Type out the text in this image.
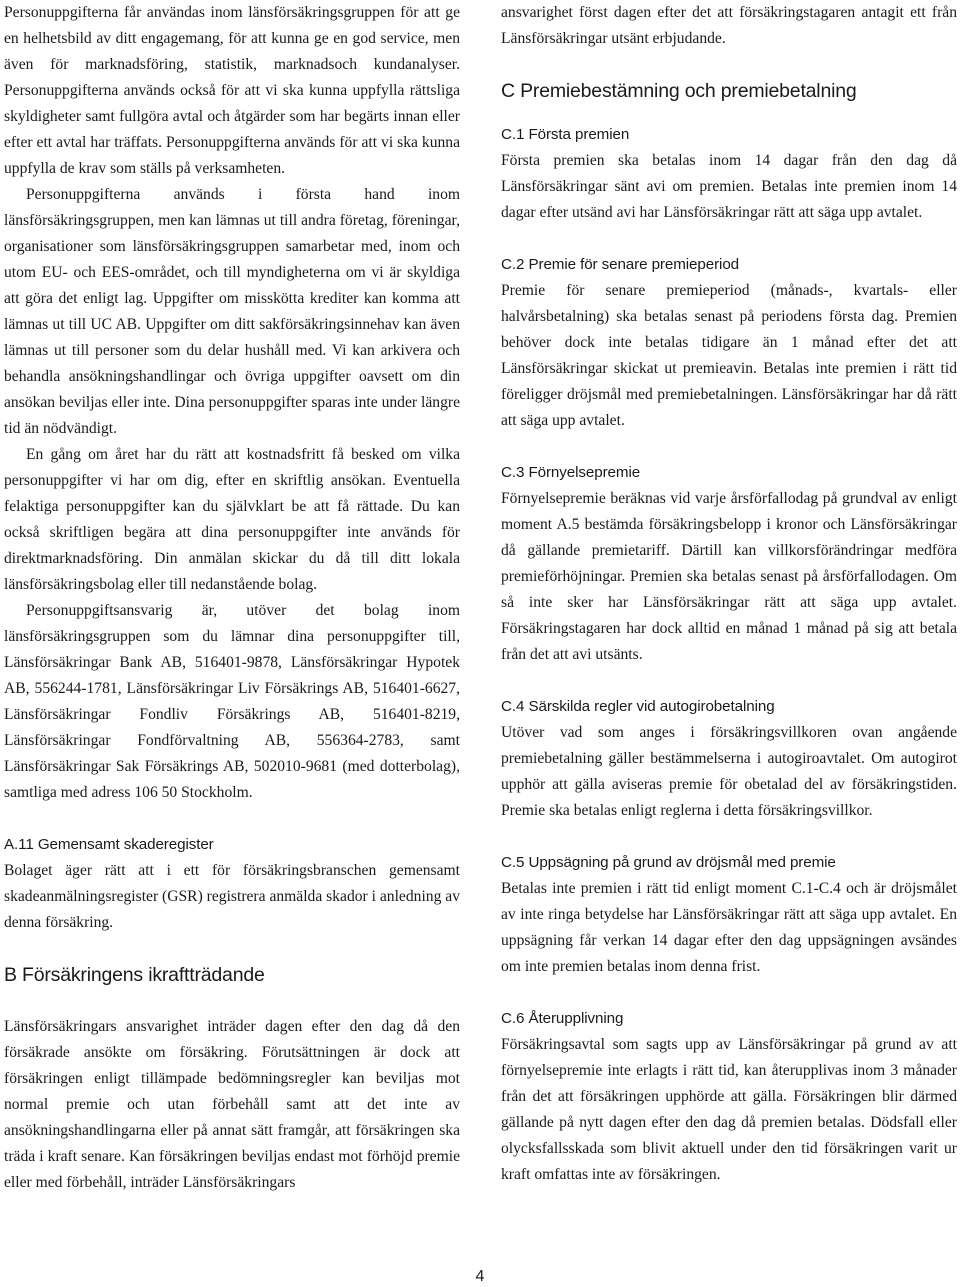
Personuppgifterna får användas inom länsförsäkringsgruppen för att ge en helhetsbild av ditt engagemang, för att kunna ge en god service, men även för marknadsföring, statistik, marknadsoch kundanalyser. Personuppgifterna används också för att vi ska kunna uppfylla rättsliga skyldigheter samt fullgöra avtal och åtgärder som har begärts innan eller efter ett avtal har träffats. Personuppgifterna används för att vi ska kunna uppfylla de krav som ställs på verksamheten.

Personuppgifterna används i första hand inom länsförsäkringsgruppen, men kan lämnas ut till andra företag, föreningar, organisationer som länsförsäkringsgruppen samarbetar med, inom och utom EU- och EES-området, och till myndigheterna om vi är skyldiga att göra det enligt lag. Uppgifter om misskötta krediter kan komma att lämnas ut till UC AB. Uppgifter om ditt sakförsäkringsinnehav kan även lämnas ut till personer som du delar hushåll med. Vi kan arkivera och behandla ansökningshandlingar och övriga uppgifter oavsett om din ansökan beviljas eller inte. Dina personuppgifter sparas inte under längre tid än nödvändigt.

En gång om året har du rätt att kostnadsfritt få besked om vilka personuppgifter vi har om dig, efter en skriftlig ansökan. Eventuella felaktiga personuppgifter kan du självklart be att få rättade. Du kan också skriftligen begära att dina personuppgifter inte används för direktmarknadsföring. Din anmälan skickar du då till ditt lokala länsförsäkringsbolag eller till nedanstående bolag.

Personuppgiftsansvarig är, utöver det bolag inom länsförsäkringsgruppen som du lämnar dina personuppgifter till, Länsförsäkringar Bank AB, 516401-9878, Länsförsäkringar Hypotek AB, 556244-1781, Länsförsäkringar Liv Försäkrings AB, 516401-6627, Länsförsäkringar Fondliv Försäkrings AB, 516401-8219, Länsförsäkringar Fondförvaltning AB, 556364-2783, samt Länsförsäkringar Sak Försäkrings AB, 502010-9681 (med dotterbolag), samtliga med adress 106 50 Stockholm.

A.11 Gemensamt skaderegister

Bolaget äger rätt att i ett för försäkringsbranschen gemensamt skadeanmälningsregister (GSR) registrera anmälda skador i anledning av denna försäkring.

B Försäkringens ikraftträdande

Länsförsäkringars ansvarighet inträder dagen efter den dag då den försäkrade ansökte om försäkring. Förutsättningen är dock att försäkringen enligt tillämpade bedömningsregler kan beviljas mot normal premie och utan förbehåll samt att det inte av ansökningshandlingarna eller på annat sätt framgår, att försäkringen ska träda i kraft senare. Kan försäkringen beviljas endast mot förhöjd premie eller med förbehåll, inträder Länsförsäkringars

ansvarighet först dagen efter det att försäkringstagaren antagit ett från Länsförsäkringar utsänt erbjudande.

C Premiebestämning och premiebetalning
C.1 Första premien

Första premien ska betalas inom 14 dagar från den dag då Länsförsäkringar sänt avi om premien. Betalas inte premien inom 14 dagar efter utsänd avi har Länsförsäkringar rätt att säga upp avtalet.

C.2 Premie för senare premieperiod

Premie för senare premieperiod (månads-, kvartals- eller halvårsbetalning) ska betalas senast på periodens första dag. Premien behöver dock inte betalas tidigare än 1 månad efter det att Länsförsäkringar skickat ut premieavin. Betalas inte premien i rätt tid föreligger dröjsmål med premiebetalningen. Länsförsäkringar har då rätt att säga upp avtalet.

C.3 Förnyelsepremie

Förnyelsepremie beräknas vid varje årsförfallodag på grundval av enligt moment A.5 bestämda försäkringsbelopp i kronor och Länsförsäkringar då gällande premietariff. Därtill kan villkorsförändringar medföra premieförhöjningar. Premien ska betalas senast på årsförfallodagen. Om så inte sker har Länsförsäkringar rätt att säga upp avtalet. Försäkringstagaren har dock alltid en månad 1 månad på sig att betala från det att avi utsänts.

C.4 Särskilda regler vid autogirobetalning

Utöver vad som anges i försäkringsvillkoren ovan angående premiebetalning gäller bestämmelserna i autogiroavtalet. Om autogirot upphör att gälla aviseras premie för obetalad del av försäkringstiden. Premie ska betalas enligt reglerna i detta försäkringsvillkor.

C.5 Uppsägning på grund av dröjsmål med premie

Betalas inte premien i rätt tid enligt moment C.1-C.4 och är dröjsmålet av inte ringa betydelse har Länsförsäkringar rätt att säga upp avtalet. En uppsägning får verkan 14 dagar efter den dag uppsägningen avsändes om inte premien betalas inom denna frist.

C.6 Återupplivning

Försäkringsavtal som sagts upp av Länsförsäkringar på grund av att förnyelsepremie inte erlagts i rätt tid, kan återupplivas inom 3 månader från det att försäkringen upphörde att gälla. Försäkringen blir därmed gällande på nytt dagen efter den dag då premien betalas. Dödsfall eller olycksfallsskada som blivit aktuell under den tid försäkringen varit ur kraft omfattas inte av försäkringen.

4
